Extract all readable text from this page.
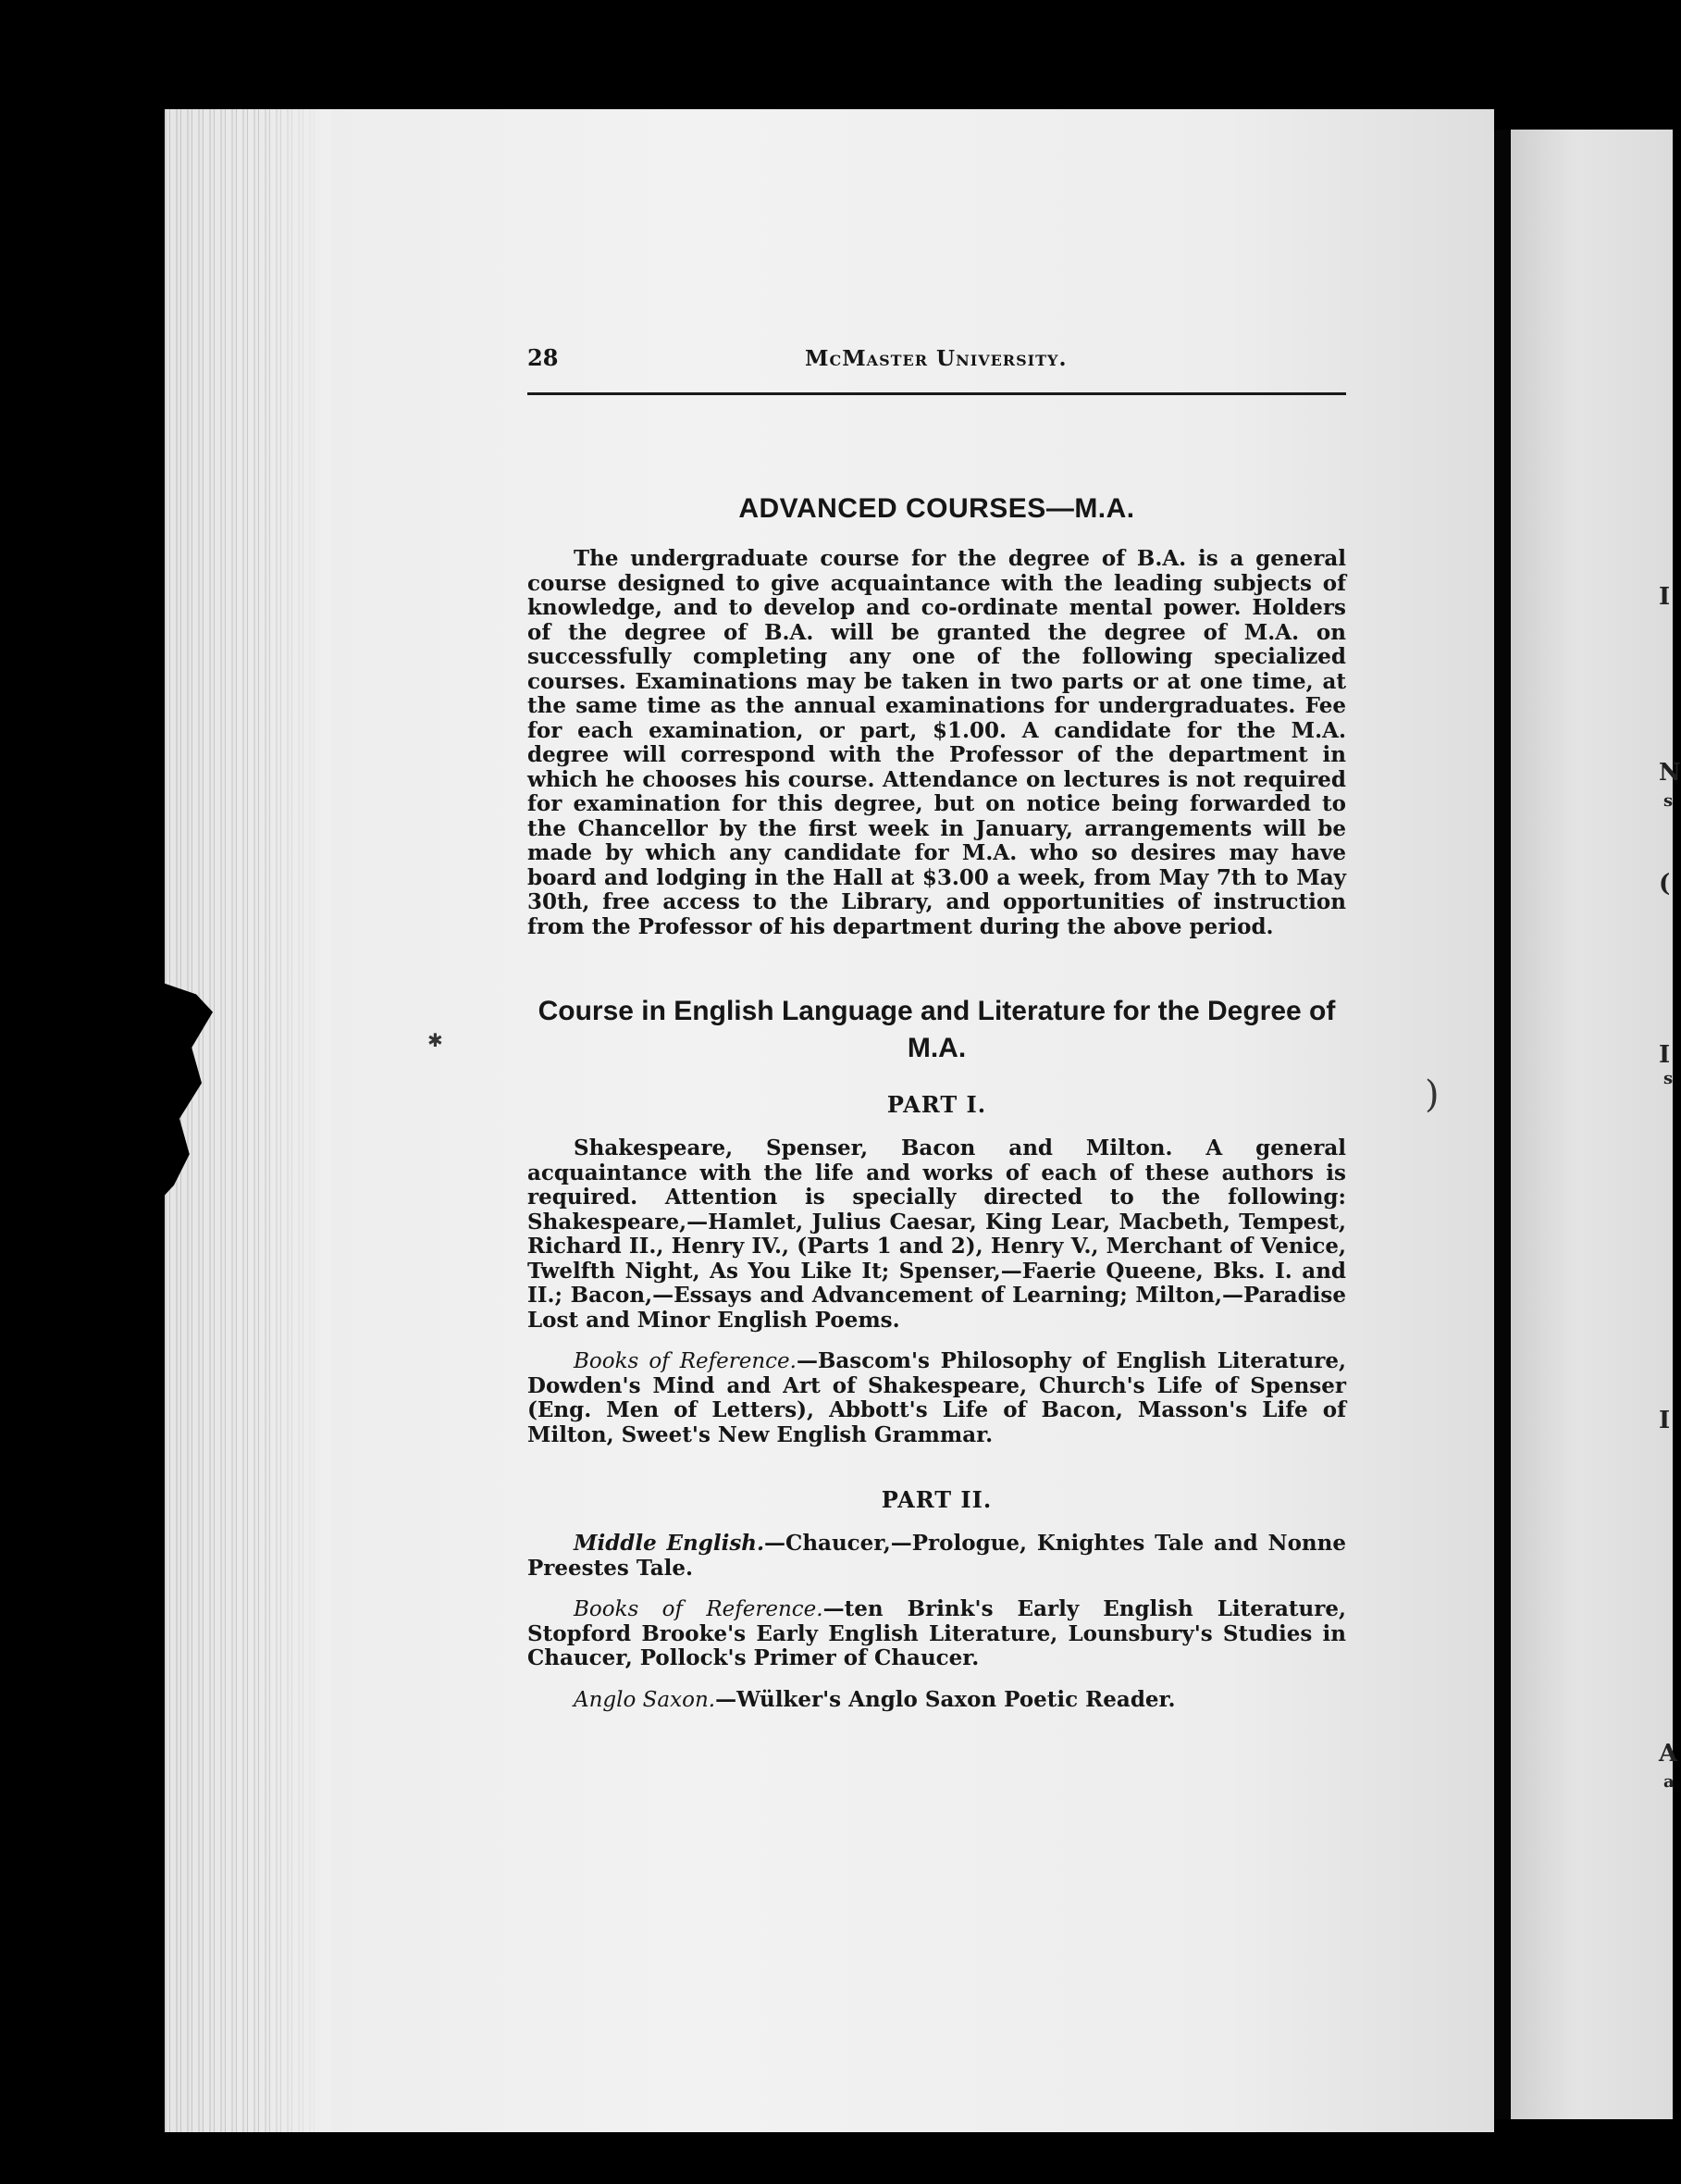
I
N
s
(
I
s
I
A
a
✱
)
28	McMaster University.
ADVANCED COURSES—M.A.

The undergraduate course for the degree of B.A. is a general course designed to give acquaintance with the leading subjects of knowledge, and to develop and co-ordinate mental power. Holders of the degree of B.A. will be granted the degree of M.A. on successfully completing any one of the following specialized courses. Examinations may be taken in two parts or at one time, at the same time as the annual examinations for undergraduates. Fee for each examination, or part, $1.00. A candidate for the M.A. degree will correspond with the Professor of the department in which he chooses his course. Attendance on lectures is not required for examination for this degree, but on notice being forwarded to the Chancellor by the first week in January, arrangements will be made by which any candidate for M.A. who so desires may have board and lodging in the Hall at $3.00 a week, from May 7th to May 30th, free access to the Library, and opportunities of instruction from the Professor of his department during the above period.

Course in English Language and Literature for the Degree of M.A.
PART I.

Shakespeare, Spenser, Bacon and Milton. A general acquaintance with the life and works of each of these authors is required. Attention is specially directed to the following: Shakespeare,—Hamlet, Julius Caesar, King Lear, Macbeth, Tempest, Richard II., Henry IV., (Parts 1 and 2), Henry V., Merchant of Venice, Twelfth Night, As You Like It; Spenser,—Faerie Queene, Bks. I. and II.; Bacon,—Essays and Advancement of Learning; Milton,—Paradise Lost and Minor English Poems.

Books of Reference.—Bascom's Philosophy of English Literature, Dowden's Mind and Art of Shakespeare, Church's Life of Spenser (Eng. Men of Letters), Abbott's Life of Bacon, Masson's Life of Milton, Sweet's New English Grammar.

PART II.

Middle English.—Chaucer,—Prologue, Knightes Tale and Nonne Preestes Tale.

Books of Reference.—ten Brink's Early English Literature, Stopford Brooke's Early English Literature, Lounsbury's Studies in Chaucer, Pollock's Primer of Chaucer.

Anglo Saxon.—Wülker's Anglo Saxon Poetic Reader.
